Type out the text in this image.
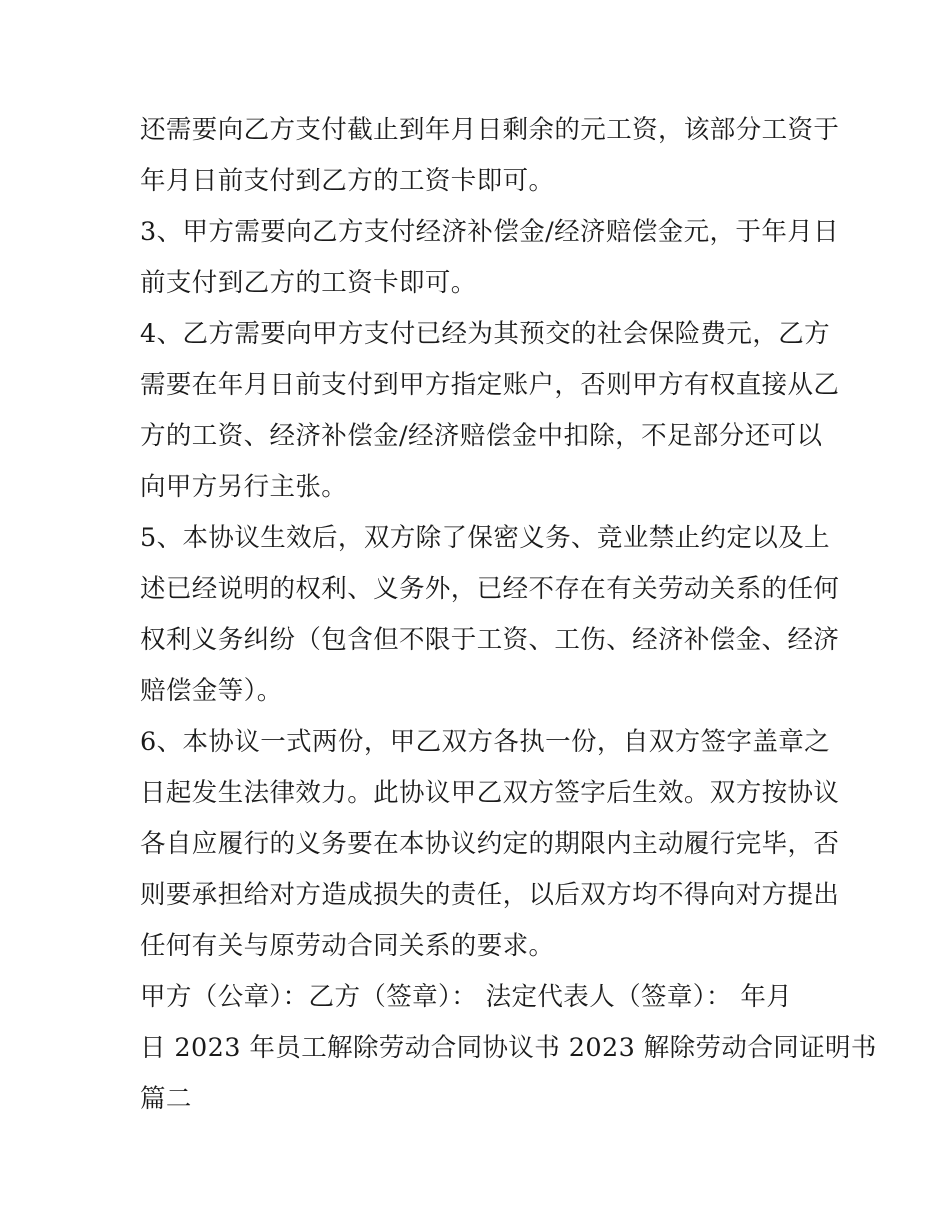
还需要向乙方支付截止到年月日剩余的元工资，该部分工资于
年月日前支付到乙方的工资卡即可。
3、甲方需要向乙方支付经济补偿金/经济赔偿金元，于年月日
前支付到乙方的工资卡即可。
4、乙方需要向甲方支付已经为其预交的社会保险费元，乙方
需要在年月日前支付到甲方指定账户，否则甲方有权直接从乙
方的工资、经济补偿金/经济赔偿金中扣除，不足部分还可以
向甲方另行主张。
5、本协议生效后，双方除了保密义务、竞业禁止约定以及上
述已经说明的权利、义务外，已经不存在有关劳动关系的任何
权利义务纠纷（包含但不限于工资、工伤、经济补偿金、经济
赔偿金等）。
6、本协议一式两份，甲乙双方各执一份，自双方签字盖章之
日起发生法律效力。此协议甲乙双方签字后生效。双方按协议
各自应履行的义务要在本协议约定的期限内主动履行完毕，否
则要承担给对方造成损失的责任，以后双方均不得向对方提出
任何有关与原劳动合同关系的要求。
甲方（公章）：乙方（签章）： 法定代表人（签章）： 年月
日 2023 年员工解除劳动合同协议书 2023 解除劳动合同证明书
篇二
